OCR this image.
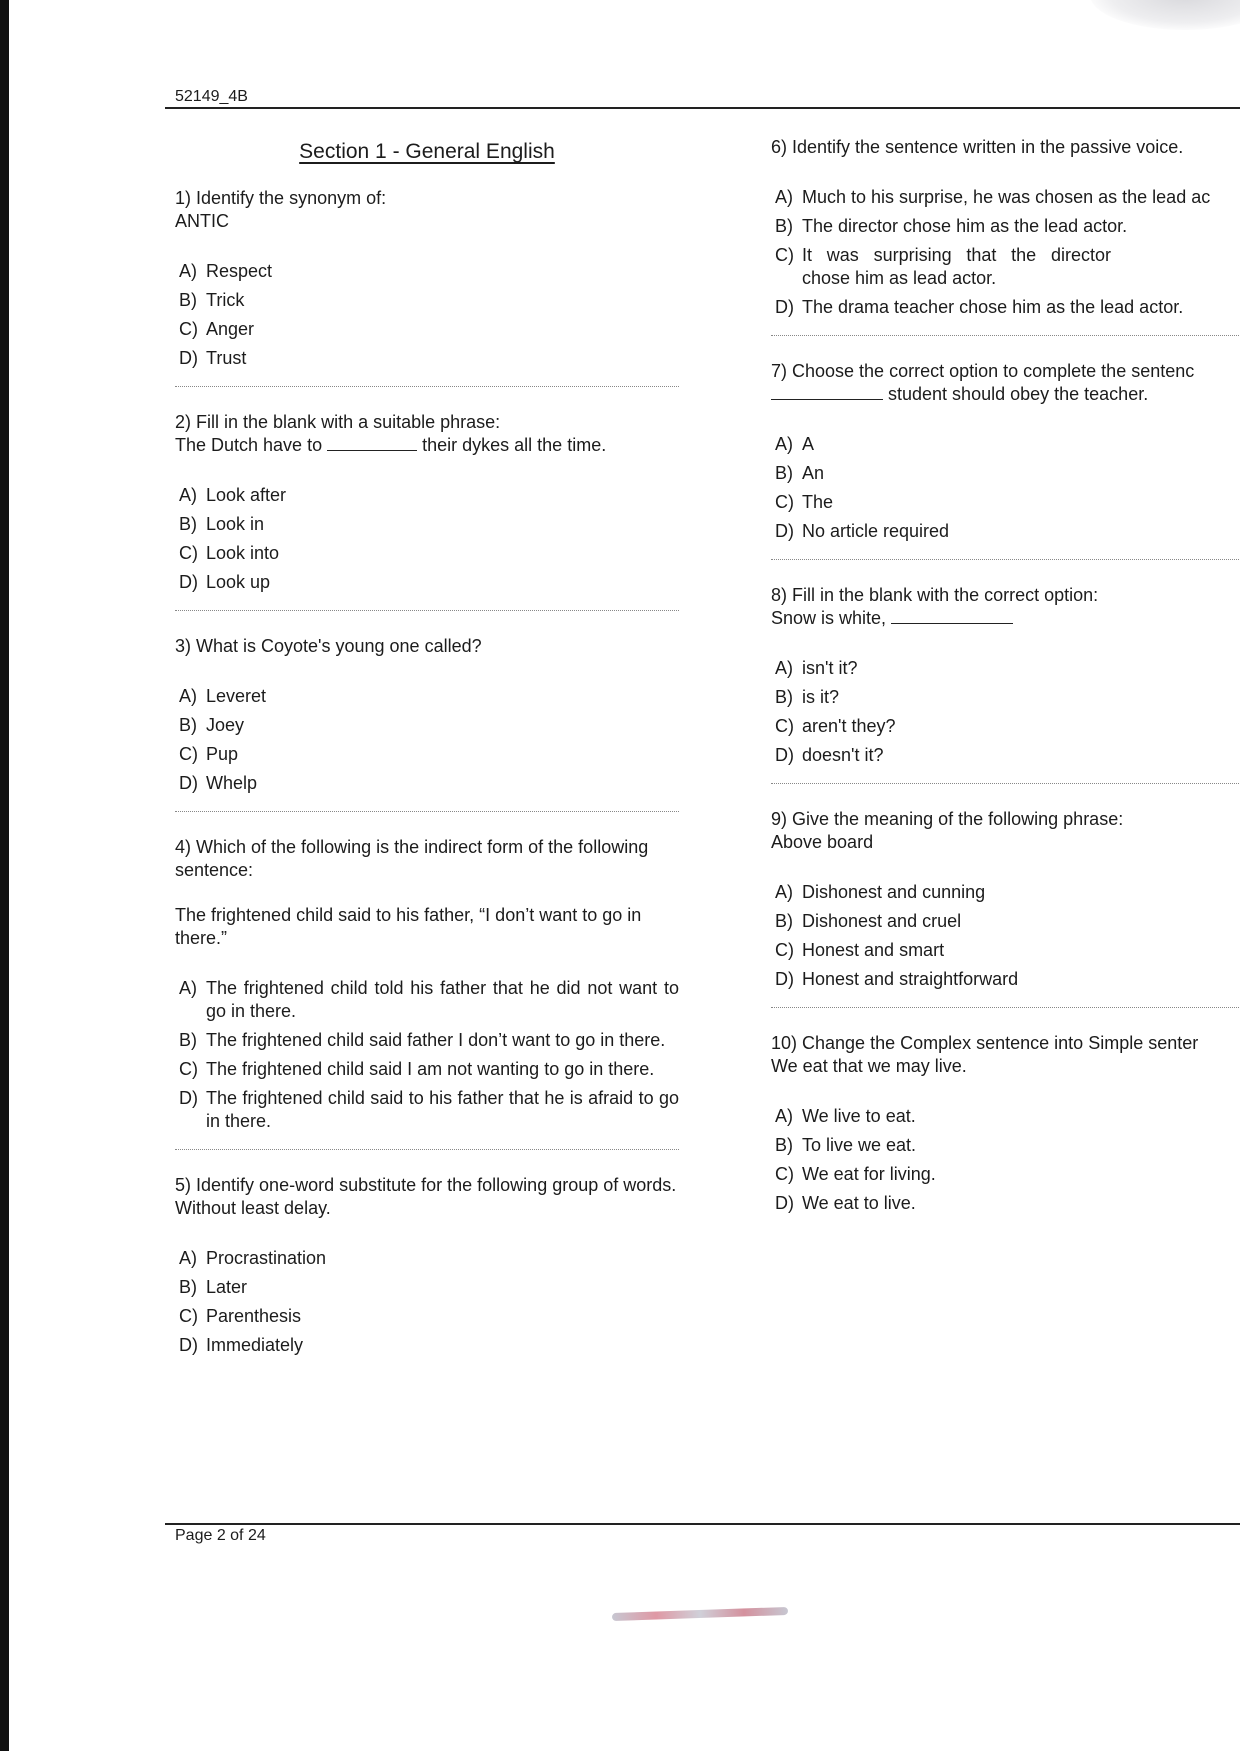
52149_4B
Section 1 - General English

1) Identify the synonym of:

ANTIC

A) Respect
B) Trick
C) Anger
D) Trust

2) Fill in the blank with a suitable phrase:

The Dutch have to	their dykes all the time.

A) Look after
B) Look in
C) Look into
D) Look up

3) What is Coyote's young one called?

A) Leveret
B) Joey
C) Pup
D) Whelp

4) Which of the following is the indirect form of the following sentence:

The frightened child said to his father, “I don’t want to go in there.”

A) The frightened child told his father that he did not want to go in there.
B) The frightened child said father I don’t want to go in there.
C) The frightened child said I am not wanting to go in there.
D) The frightened child said to his father that he is afraid to go in there.

5) Identify one-word substitute for the following group of words.

Without least delay.

A) Procrastination
B) Later
C) Parenthesis
D) Immediately

6) Identify the sentence written in the passive voice.

A) Much to his surprise, he was chosen as the lead ac
B) The director chose him as the lead actor.
C) It was surprising that the director chose him as lead actor.
D) The drama teacher chose him as the lead actor.

7) Choose the correct option to complete the sentenc

student should obey the teacher.

A) A
B) An
C) The
D) No article required

8) Fill in the blank with the correct option:

Snow is white,

A) isn't it?
B) is it?
C) aren't they?
D) doesn't it?

9) Give the meaning of the following phrase:

Above board

A) Dishonest and cunning
B) Dishonest and cruel
C) Honest and smart
D) Honest and straightforward

10) Change the Complex sentence into Simple senter

We eat that we may live.

A) We live to eat.
B) To live we eat.
C) We eat for living.
D) We eat to live.
Page 2 of 24
